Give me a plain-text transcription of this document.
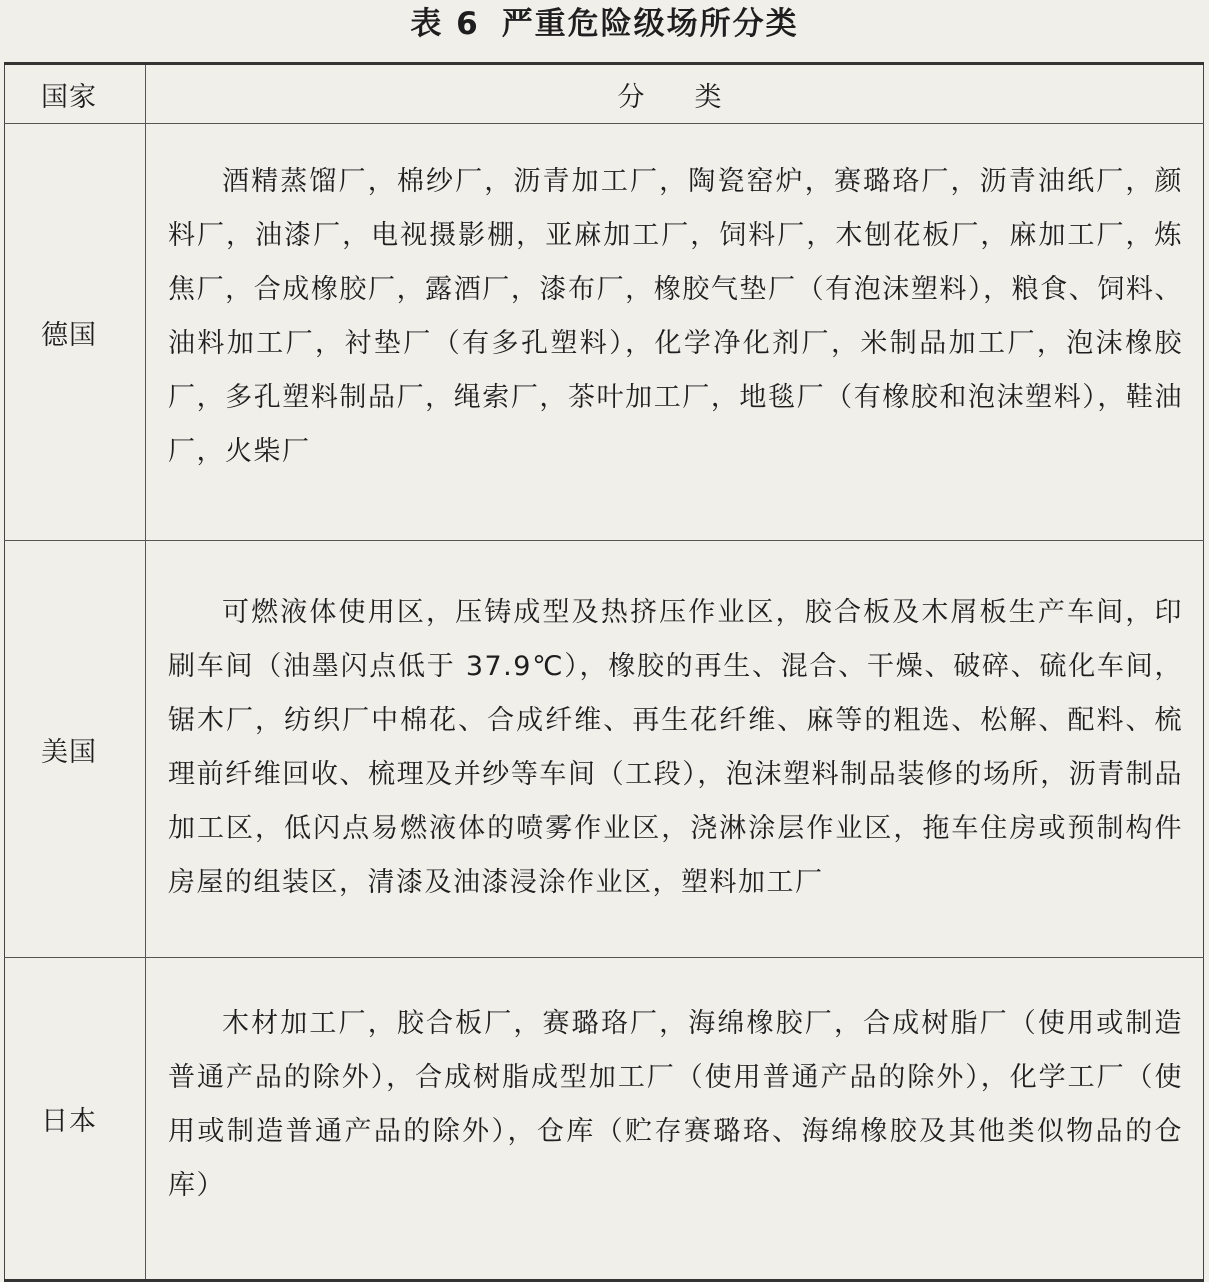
表 6 严重危险级场所分类
国家	分类
德国	酒精蒸馏厂，棉纱厂，沥青加工厂，陶瓷窑炉，赛璐珞厂，沥青油纸厂，颜料厂，油漆厂，电视摄影棚，亚麻加工厂，饲料厂，木刨花板厂，麻加工厂，炼焦厂，合成橡胶厂，露酒厂，漆布厂，橡胶气垫厂（有泡沫塑料），粮食、饲料、油料加工厂，衬垫厂（有多孔塑料），化学净化剂厂，米制品加工厂，泡沫橡胶厂，多孔塑料制品厂，绳索厂，茶叶加工厂，地毯厂（有橡胶和泡沫塑料），鞋油厂，火柴厂

美国	可燃液体使用区，压铸成型及热挤压作业区，胶合板及木屑板生产车间，印刷车间（油墨闪点低于 37.9℃），橡胶的再生、混合、干燥、破碎、硫化车间，锯木厂，纺织厂中棉花、合成纤维、再生花纤维、麻等的粗选、松解、配料、梳理前纤维回收、梳理及并纱等车间（工段），泡沫塑料制品装修的场所，沥青制品加工区，低闪点易燃液体的喷雾作业区，浇淋涂层作业区，拖车住房或预制构件房屋的组装区，清漆及油漆浸涂作业区，塑料加工厂

日本	木材加工厂，胶合板厂，赛璐珞厂，海绵橡胶厂，合成树脂厂（使用或制造普通产品的除外），合成树脂成型加工厂（使用普通产品的除外），化学工厂（使用或制造普通产品的除外），仓库（贮存赛璐珞、海绵橡胶及其他类似物品的仓库）
